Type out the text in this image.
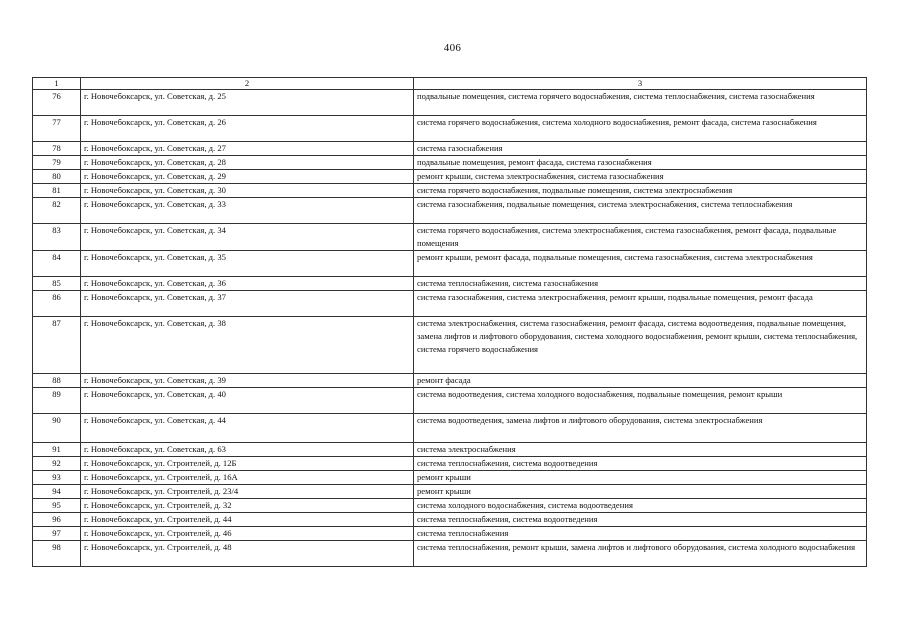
406
1	2	3
76	г. Новочебоксарск, ул. Советская, д. 25	подвальные помещения, система горячего водоснабжения, система теплоснабжения, система газоснабжения
77	г. Новочебоксарск, ул. Советская, д. 26	система горячего водоснабжения, система холодного водоснабжения, ремонт фасада, система газоснабжения
78	г. Новочебоксарск, ул. Советская, д. 27	система газоснабжения
79	г. Новочебоксарск, ул. Советская, д. 28	подвальные помещения, ремонт фасада, система газоснабжения
80	г. Новочебоксарск, ул. Советская, д. 29	ремонт крыши, система электроснабжения, система газоснабжения
81	г. Новочебоксарск, ул. Советская, д. 30	система горячего водоснабжения, подвальные помещения, система электроснабжения
82	г. Новочебоксарск, ул. Советская, д. 33	система газоснабжения, подвальные помещения, система электроснабжения, система теплоснабжения
83	г. Новочебоксарск, ул. Советская, д. 34	система горячего водоснабжения, система электроснабжения, система газоснабжения, ремонт фасада, подвальные помещения
84	г. Новочебоксарск, ул. Советская, д. 35	ремонт крыши, ремонт фасада, подвальные помещения, система газоснабжения, система электроснабжения
85	г. Новочебоксарск, ул. Советская, д. 36	система теплоснабжения, система газоснабжения
86	г. Новочебоксарск, ул. Советская, д. 37	система газоснабжения, система электроснабжения, ремонт крыши, подвальные помещения, ремонт фасада
87	г. Новочебоксарск, ул. Советская, д. 38	система электроснабжения, система газоснабжения, ремонт фасада, система водоотведения, подвальные помещения, замена лифтов и лифтового оборудования, система холодного водоснабжения, ремонт крыши, система теплоснабжения, система горячего водоснабжения
88	г. Новочебоксарск, ул. Советская, д. 39	ремонт фасада
89	г. Новочебоксарск, ул. Советская, д. 40	система водоотведения, система холодного водоснабжения, подвальные помещения, ремонт крыши
90	г. Новочебоксарск, ул. Советская, д. 44	система водоотведения, замена лифтов и лифтового оборудования, система электроснабжения
91	г. Новочебоксарск, ул. Советская, д. 63	система электроснабжения
92	г. Новочебоксарск, ул. Строителей, д. 12Б	система теплоснабжения, система водоотведения
93	г. Новочебоксарск, ул. Строителей, д. 16А	ремонт крыши
94	г. Новочебоксарск, ул. Строителей, д. 23/4	ремонт крыши
95	г. Новочебоксарск, ул. Строителей, д. 32	система холодного водоснабжения, система водоотведения
96	г. Новочебоксарск, ул. Строителей, д. 44	система теплоснабжения, система водоотведения
97	г. Новочебоксарск, ул. Строителей, д. 46	система теплоснабжения
98	г. Новочебоксарск, ул. Строителей, д. 48	система теплоснабжения, ремонт крыши, замена лифтов и лифтового оборудования, система холодного водоснабжения
